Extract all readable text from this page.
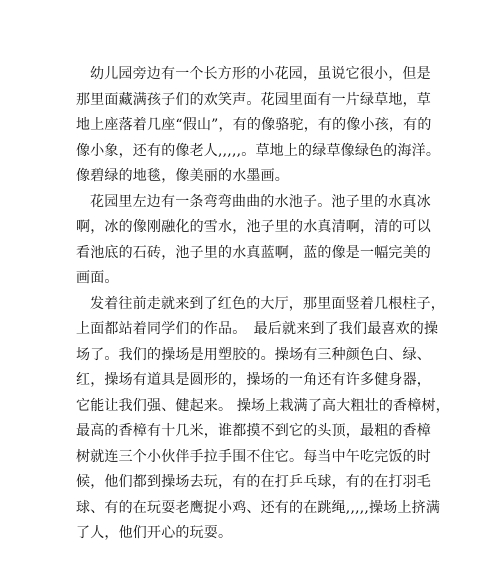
幼儿园旁边有一个长方形的小花园，虽说它很小，但是
那里面藏满孩子们的欢笑声。花园里面有一片绿草地，草
地上座落着几座“假山”，有的像骆驼，有的像小孩，有的
像小象，还有的像老人,,,,,。草地上的绿草像绿色的海洋。
像碧绿的地毯，像美丽的水墨画。

花园里左边有一条弯弯曲曲的水池子。池子里的水真冰
啊，冰的像刚融化的雪水，池子里的水真清啊，清的可以
看池底的石砖，池子里的水真蓝啊，蓝的像是一幅完美的
画面。

发着往前走就来到了红色的大厅，那里面竖着几根柱子，
上面都站着同学们的作品。　最后就来到了我们最喜欢的操
场了。我们的操场是用塑胶的。操场有三种颜色白、绿、
红，操场有道具是圆形的，操场的一角还有许多健身器，
它能让我们强、健起来。 操场上栽满了高大粗壮的香樟树，
最高的香樟有十几米，谁都摸不到它的头顶，最粗的香樟
树就连三个小伙伴手拉手围不住它。每当中午吃完饭的时
候，他们都到操场去玩，有的在打乒乓球，有的在打羽毛
球、有的在玩耍老鹰捉小鸡、还有的在跳绳,,,,,操场上挤满
了人，他们开心的玩耍。
